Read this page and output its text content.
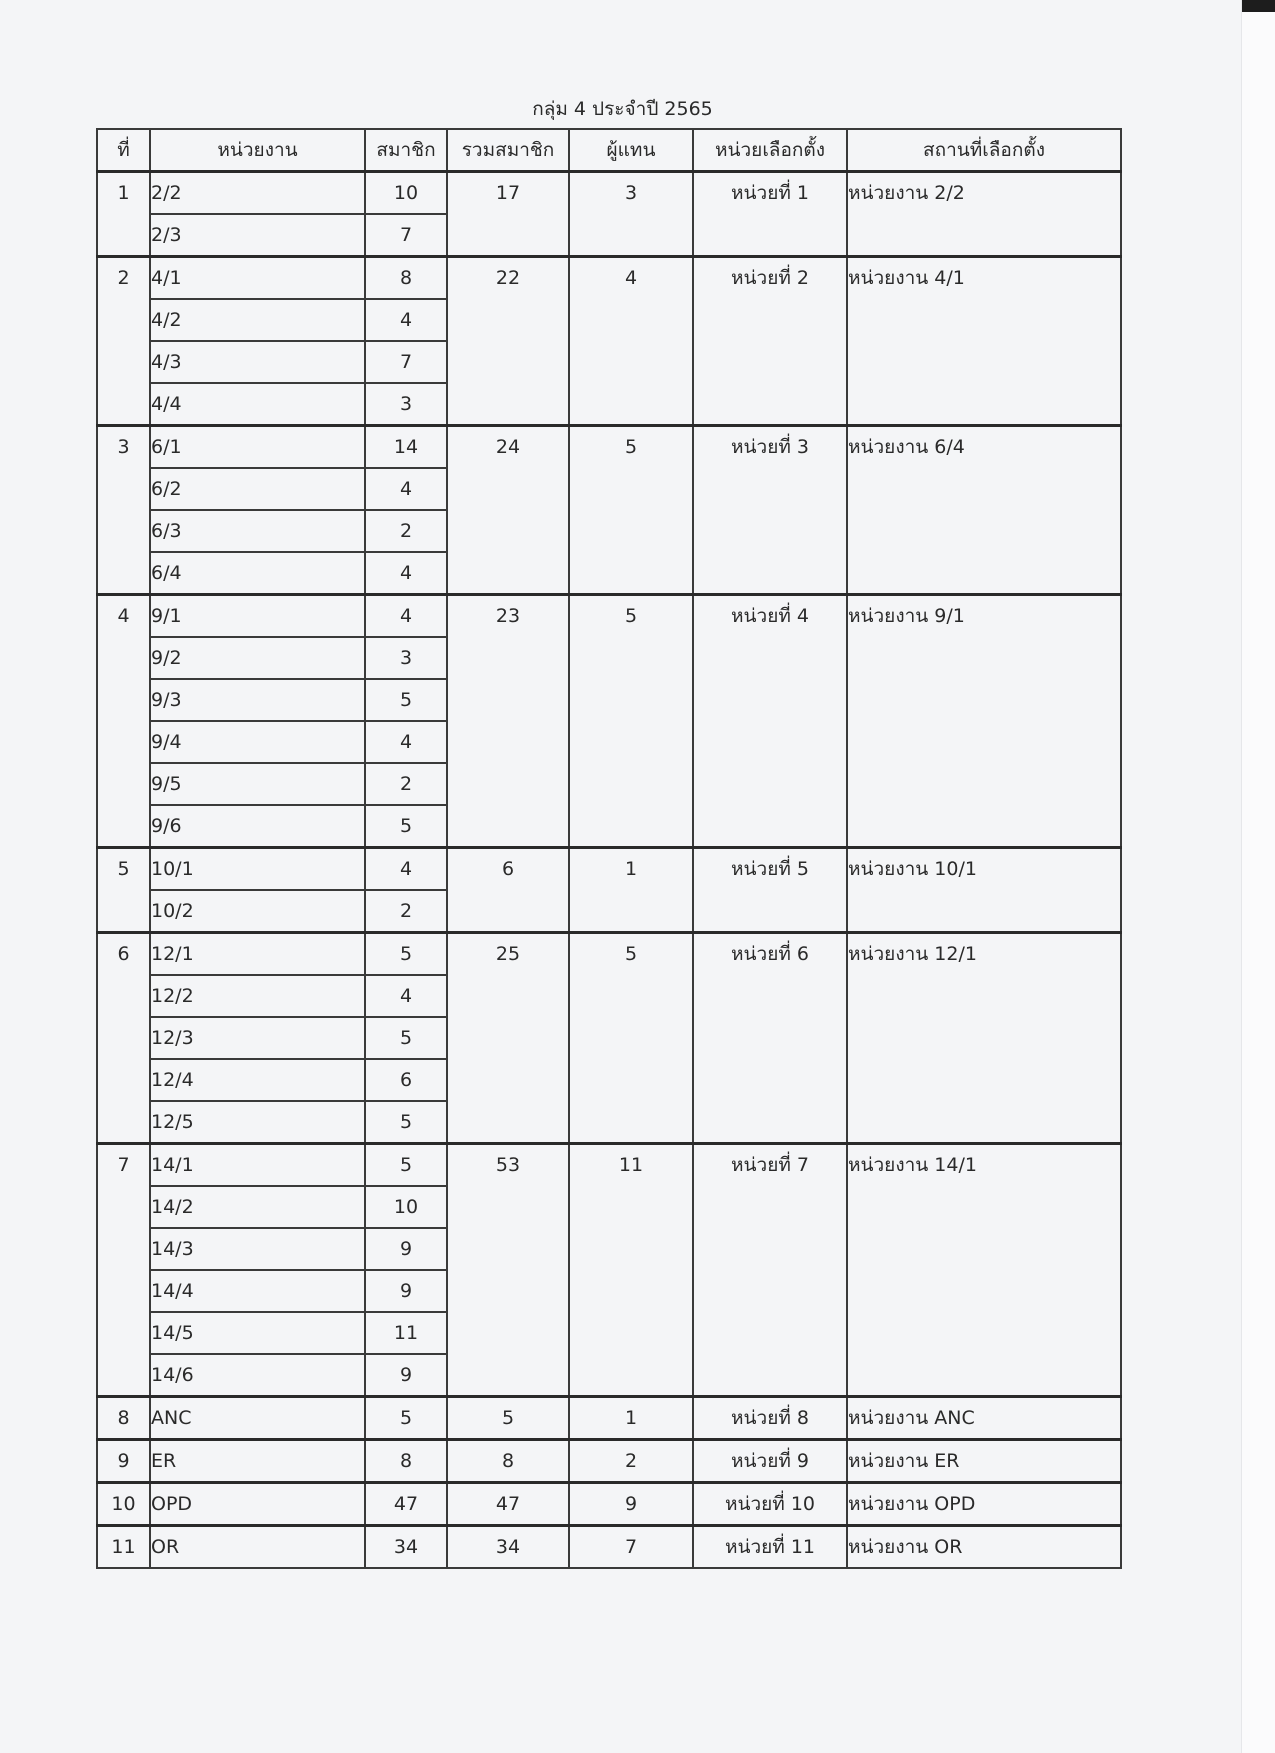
กลุ่ม 4 ประจำปี 2565
ที่	หน่วยงาน	สมาชิก	รวมสมาชิก	ผู้แทน	หน่วยเลือกตั้ง	สถานที่เลือกตั้ง
1	2/2	10	17	3	หน่วยที่ 1	หน่วยงาน 2/2
	2/3	7				
2	4/1	8	22	4	หน่วยที่ 2	หน่วยงาน 4/1
	4/2	4				
	4/3	7				
	4/4	3				
3	6/1	14	24	5	หน่วยที่ 3	หน่วยงาน 6/4
	6/2	4				
	6/3	2				
	6/4	4				
4	9/1	4	23	5	หน่วยที่ 4	หน่วยงาน 9/1
	9/2	3				
	9/3	5				
	9/4	4				
	9/5	2				
	9/6	5				
5	10/1	4	6	1	หน่วยที่ 5	หน่วยงาน 10/1
	10/2	2				
6	12/1	5	25	5	หน่วยที่ 6	หน่วยงาน 12/1
	12/2	4				
	12/3	5				
	12/4	6				
	12/5	5				
7	14/1	5	53	11	หน่วยที่ 7	หน่วยงาน 14/1
	14/2	10				
	14/3	9				
	14/4	9				
	14/5	11				
	14/6	9				
8	ANC	5	5	1	หน่วยที่ 8	หน่วยงาน ANC
9	ER	8	8	2	หน่วยที่ 9	หน่วยงาน ER
10	OPD	47	47	9	หน่วยที่ 10	หน่วยงาน OPD
11	OR	34	34	7	หน่วยที่ 11	หน่วยงาน OR
